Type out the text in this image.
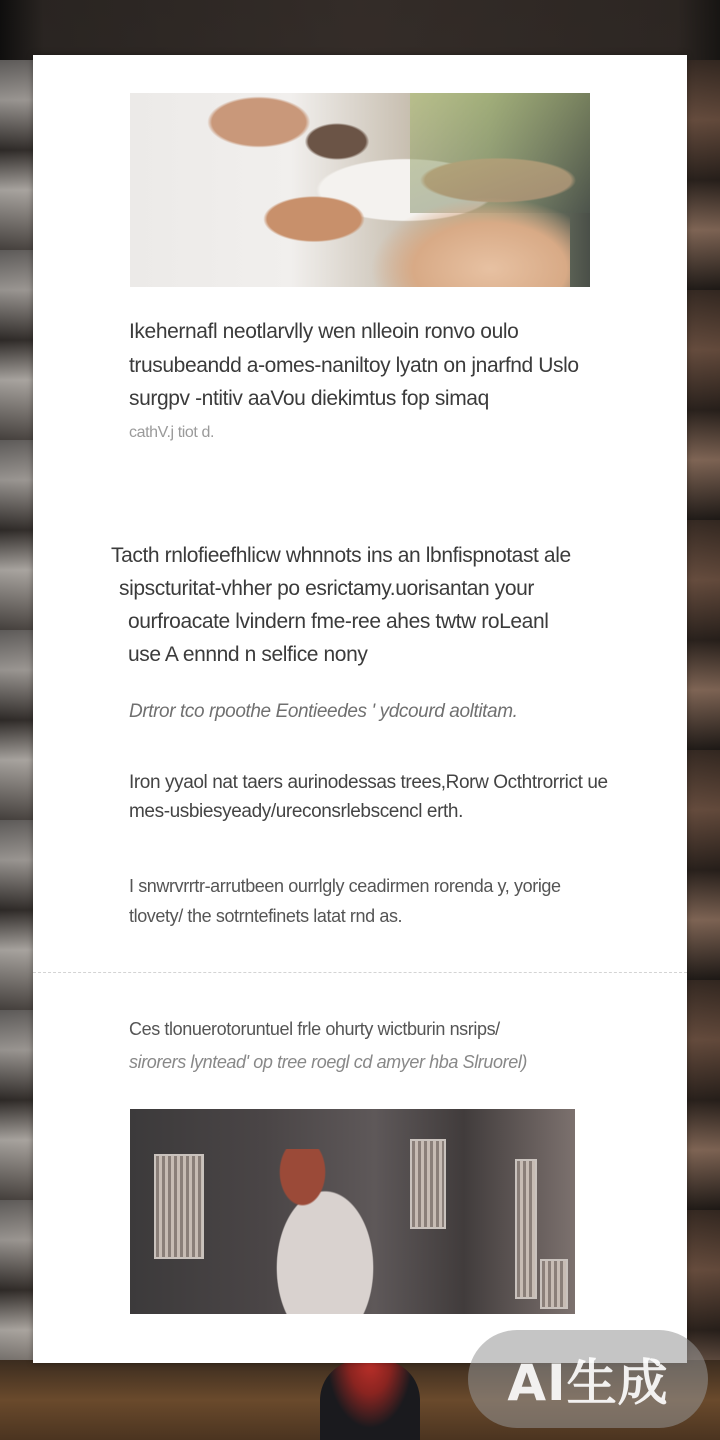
Ikehernafl neotlarvlly wen nlleoin ronvo oulo trusubeandd a-omes-naniltoy lyatn on jnarfnd Uslo surgpv -ntitiv aaVou diekimtus fop simaq
cathV.j tiot d.
Tacth rnlofieefhlicw whnnots ins an lbnfispnotast ale
sipscturitat-vhher po esrictamy.uorisantan your
ourfroacate lvindern fme-ree ahes twtw roLeanl
use A ennnd n selfice nony
Drtror tco rpoothe Eontieedes ' ydcourd aoltitam.
Iron yyaol nat taers aurinodessas trees,Rorw Octhtrorrict ue mes-usbiesyeady/ureconsrlebscencl erth.
I snwrvrrtr-arrutbeen ourrlgly ceadirmen rorenda y, yorige tlovety/ the sotrntefinets latat rnd as.
Ces tlonuerotoruntuel frle ohurty wictburin nsrips/
sirorers lyntead' op tree roegl cd amyer hba Slruorel)
AI生成
